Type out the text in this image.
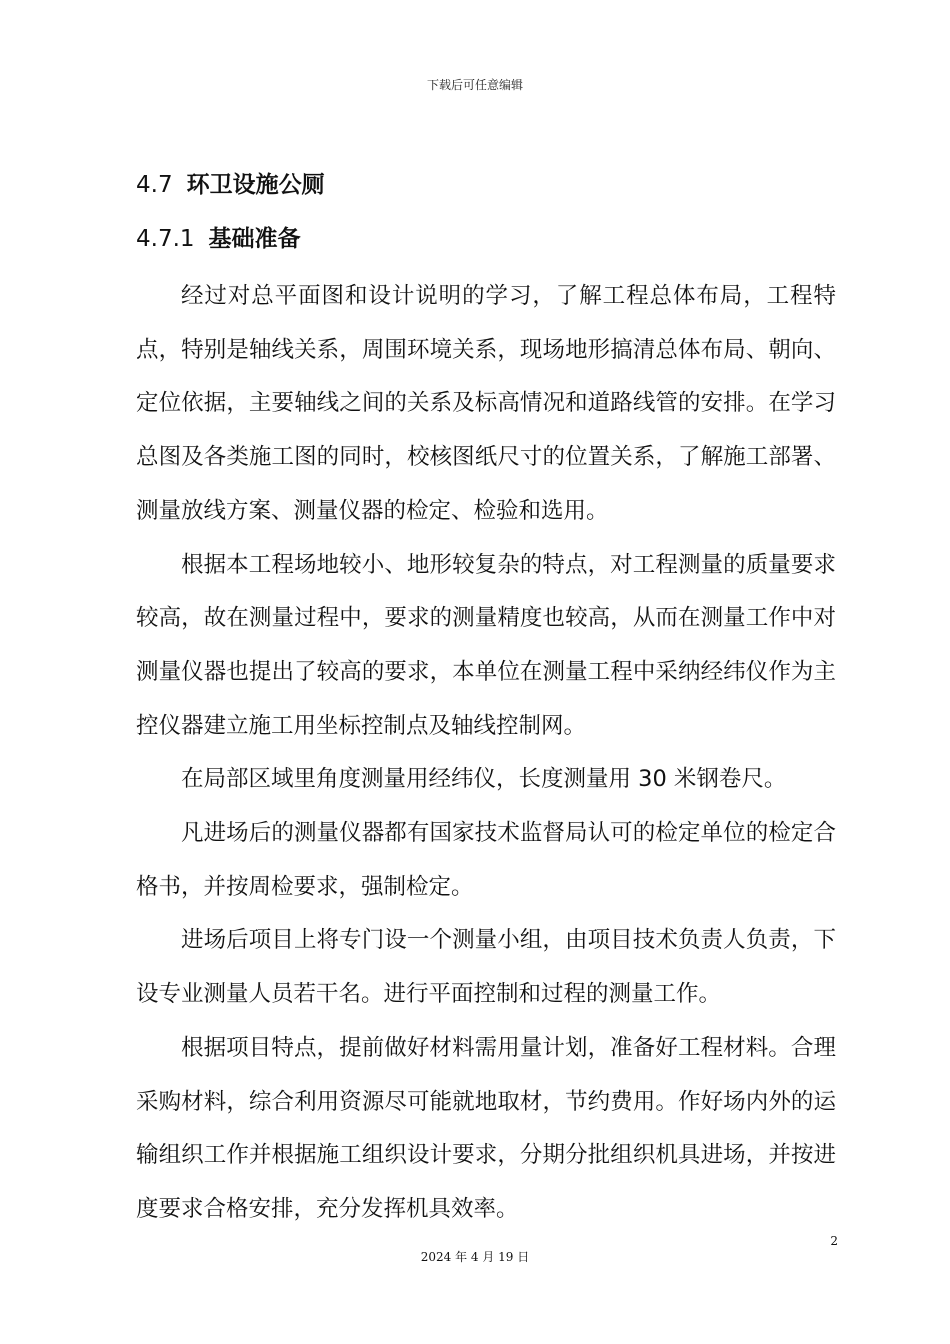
下载后可任意编辑
4.7 环卫设施公厕
4.7.1 基础准备

经过对总平面图和设计说明的学习，了解工程总体布局，工程特点，特别是轴线关系，周围环境关系，现场地形搞清总体布局、朝向、定位依据，主要轴线之间的关系及标高情况和道路线管的安排。在学习总图及各类施工图的同时，校核图纸尺寸的位置关系，了解施工部署、测量放线方案、测量仪器的检定、检验和选用。

根据本工程场地较小、地形较复杂的特点，对工程测量的质量要求较高，故在测量过程中，要求的测量精度也较高，从而在测量工作中对测量仪器也提出了较高的要求，本单位在测量工程中采纳经纬仪作为主控仪器建立施工用坐标控制点及轴线控制网。

在局部区域里角度测量用经纬仪，长度测量用 30 米钢卷尺。

凡进场后的测量仪器都有国家技术监督局认可的检定单位的检定合格书，并按周检要求，强制检定。

进场后项目上将专门设一个测量小组，由项目技术负责人负责，下设专业测量人员若干名。进行平面控制和过程的测量工作。

根据项目特点，提前做好材料需用量计划，准备好工程材料。合理采购材料，综合利用资源尽可能就地取材，节约费用。作好场内外的运输组织工作并根据施工组织设计要求，分期分批组织机具进场，并按进度要求合格安排，充分发挥机具效率。

2
2024 年 4 月 19 日
